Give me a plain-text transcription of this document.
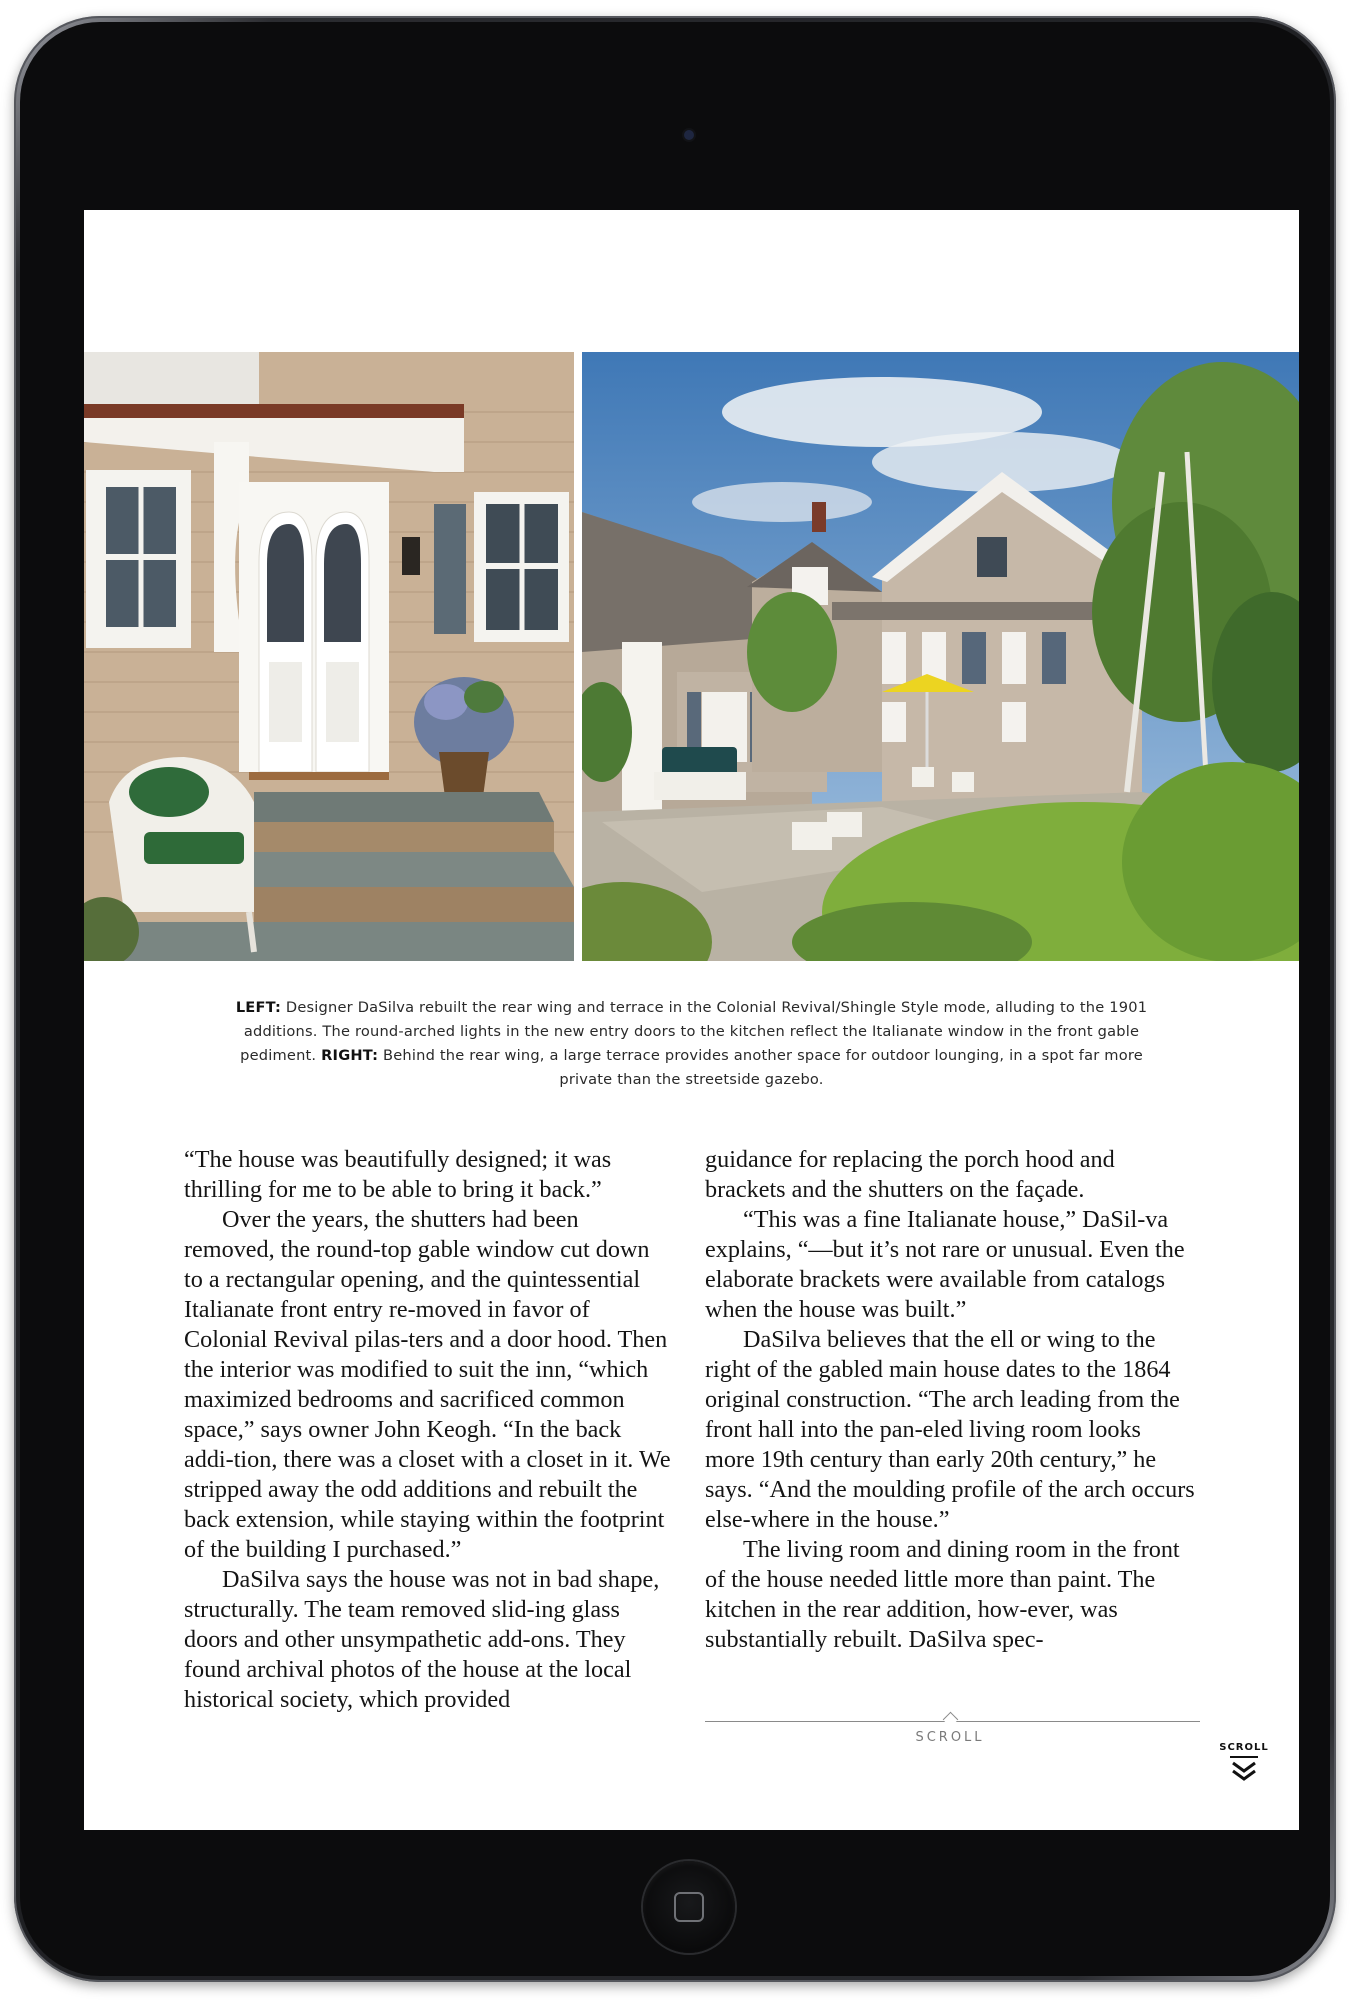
LEFT: Designer DaSilva rebuilt the rear wing and terrace in the Colonial Revival/Shingle Style mode, alluding to the 1901 additions. The round-arched lights in the new entry doors to the kitchen reflect the Italianate window in the front gable pediment. RIGHT: Behind the rear wing, a large terrace provides another space for outdoor lounging, in a spot far more private than the streetside gazebo.

“The house was beautifully designed; it was thrilling for me to be able to bring it back.”

Over the years, the shutters had been removed, the round-top gable window cut down to a rectangular opening, and the quintessential Italianate front entry re-moved in favor of Colonial Revival pilas-ters and a door hood. Then the interior was modified to suit the inn, “which maximized bedrooms and sacrificed common space,” says owner John Keogh. “In the back addi-tion, there was a closet with a closet in it. We stripped away the odd additions and rebuilt the back extension, while staying within the footprint of the building I purchased.”

DaSilva says the house was not in bad shape, structurally. The team removed slid-ing glass doors and other unsympathetic add-ons. They found archival photos of the house at the local historical society, which provided

guidance for replacing the porch hood and brackets and the shutters on the façade.

“This was a fine Italianate house,” DaSil-va explains, “—but it’s not rare or unusual. Even the elaborate brackets were available from catalogs when the house was built.”

DaSilva believes that the ell or wing to the right of the gabled main house dates to the 1864 original construction. “The arch leading from the front hall into the pan-eled living room looks more 19th century than early 20th century,” he says. “And the moulding profile of the arch occurs else-where in the house.”

The living room and dining room in the front of the house needed little more than paint. The kitchen in the rear addition, how-ever, was substantially rebuilt. DaSilva spec-

SCROLL
SCROLL
